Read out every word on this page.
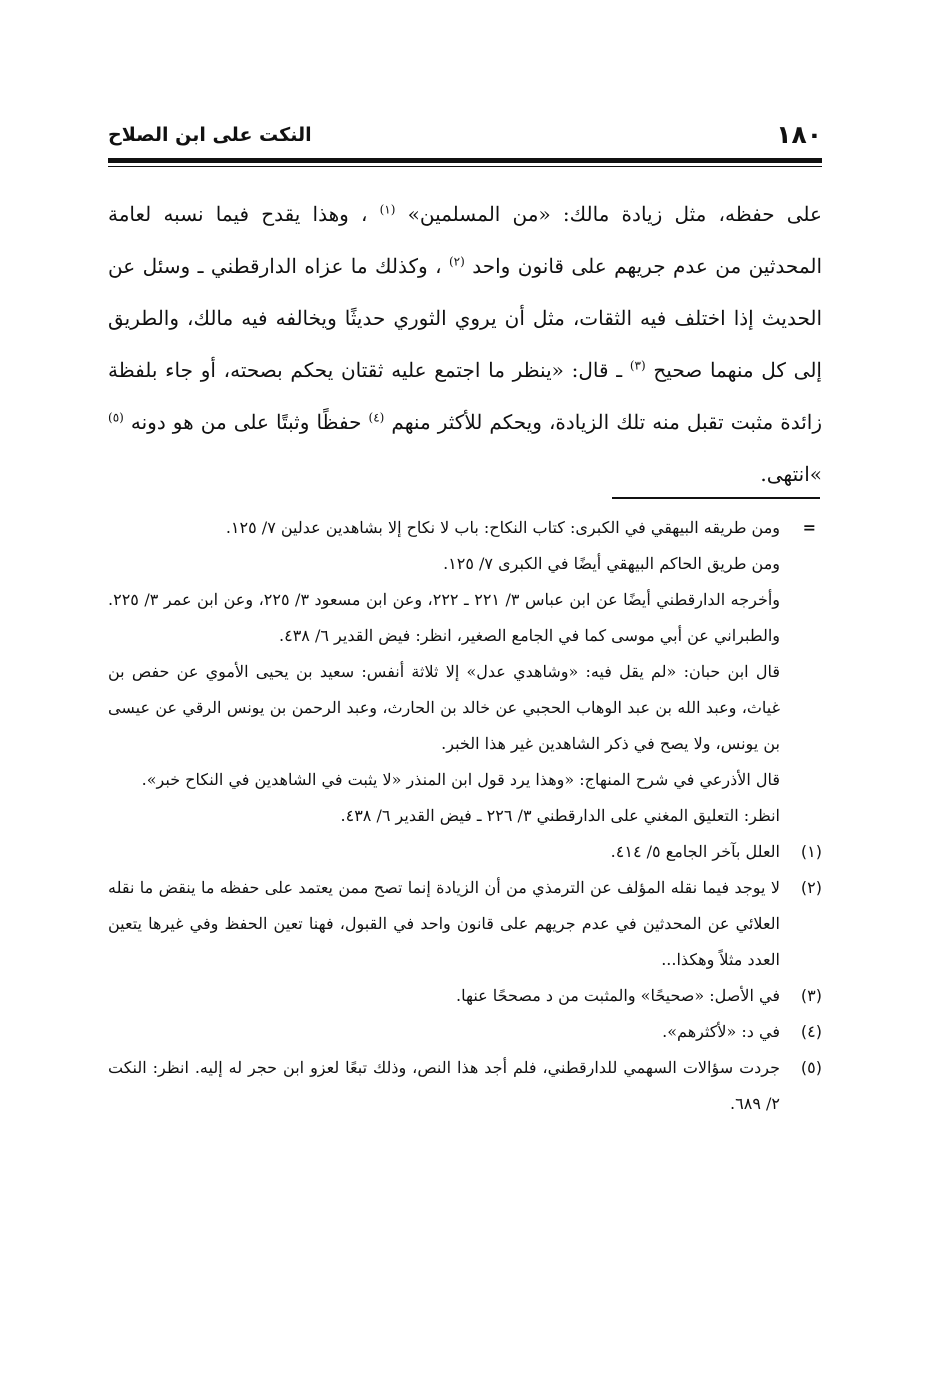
١٨٠
النكت على ابن الصلاح

على حفظه، مثل زيادة مالك: «من المسلمين» $^{(١)}$ ، وهذا يقدح فيما نسبه لعامة المحدثين من عدم جريهم على قانون واحد $^{(٢)}$ ، وكذلك ما عزاه الدارقطني ـ وسئل عن الحديث إذا اختلف فيه الثقات، مثل أن يروي الثوري حديثًا ويخالفه فيه مالك، والطريق إلى كل منهما صحيح $^{(٣)}$ ـ قال: «ينظر ما اجتمع عليه ثقتان يحكم بصحته، أو جاء بلفظة زائدة مثبت تقبل منه تلك الزيادة، ويحكم للأكثر منهم $^{(٤)}$ حفظًا وثبتًا على من هو دونه $^{(٥)}$ »انتهى.

=

ومن طريقه البيهقي في الكبرى: كتاب النكاح: باب لا نكاح إلا بشاهدين عدلين ٧/ ١٢٥.

ومن طريق الحاكم البيهقي أيضًا في الكبرى ٧/ ١٢٥.

وأخرجه الدارقطني أيضًا عن ابن عباس ٣/ ٢٢١ ـ ٢٢٢، وعن ابن مسعود ٣/ ٢٢٥، وعن ابن عمر ٣/ ٢٢٥. والطبراني عن أبي موسى كما في الجامع الصغير، انظر: فيض القدير ٦/ ٤٣٨.

قال ابن حبان: «لم يقل فيه: «وشاهدي عدل» إلا ثلاثة أنفس: سعيد بن يحيى الأموي عن حفص بن غياث، وعبد الله بن عبد الوهاب الحجبي عن خالد بن الحارث، وعبد الرحمن بن يونس الرقي عن عيسى بن يونس، ولا يصح في ذكر الشاهدين غير هذا الخبر.

قال الأذرعي في شرح المنهاج: «وهذا يرد قول ابن المنذر «لا يثبت في الشاهدين في النكاح خبر».

انظر: التعليق المغني على الدارقطني ٣/ ٢٢٦ ـ فيض القدير ٦/ ٤٣٨.

(١)
العلل بآخر الجامع ٥/ ٤١٤.
(٢)
لا يوجد فيما نقله المؤلف عن الترمذي من أن الزيادة إنما تصح ممن يعتمد على حفظه ما ينقض ما نقله العلائي عن المحدثين في عدم جريهم على قانون واحد في القبول، فهنا تعين الحفظ وفي غيرها يتعين العدد مثلاً وهكذا...
(٣)
في الأصل: «صحيحًا» والمثبت من د مصححًا عنها.
(٤)
في د: «لأكثرهم».
(٥)
جردت سؤالات السهمي للدارقطني، فلم أجد هذا النص، وذلك تبعًا لعزو ابن حجر له إليه. انظر: النكت ٢/ ٦٨٩.
